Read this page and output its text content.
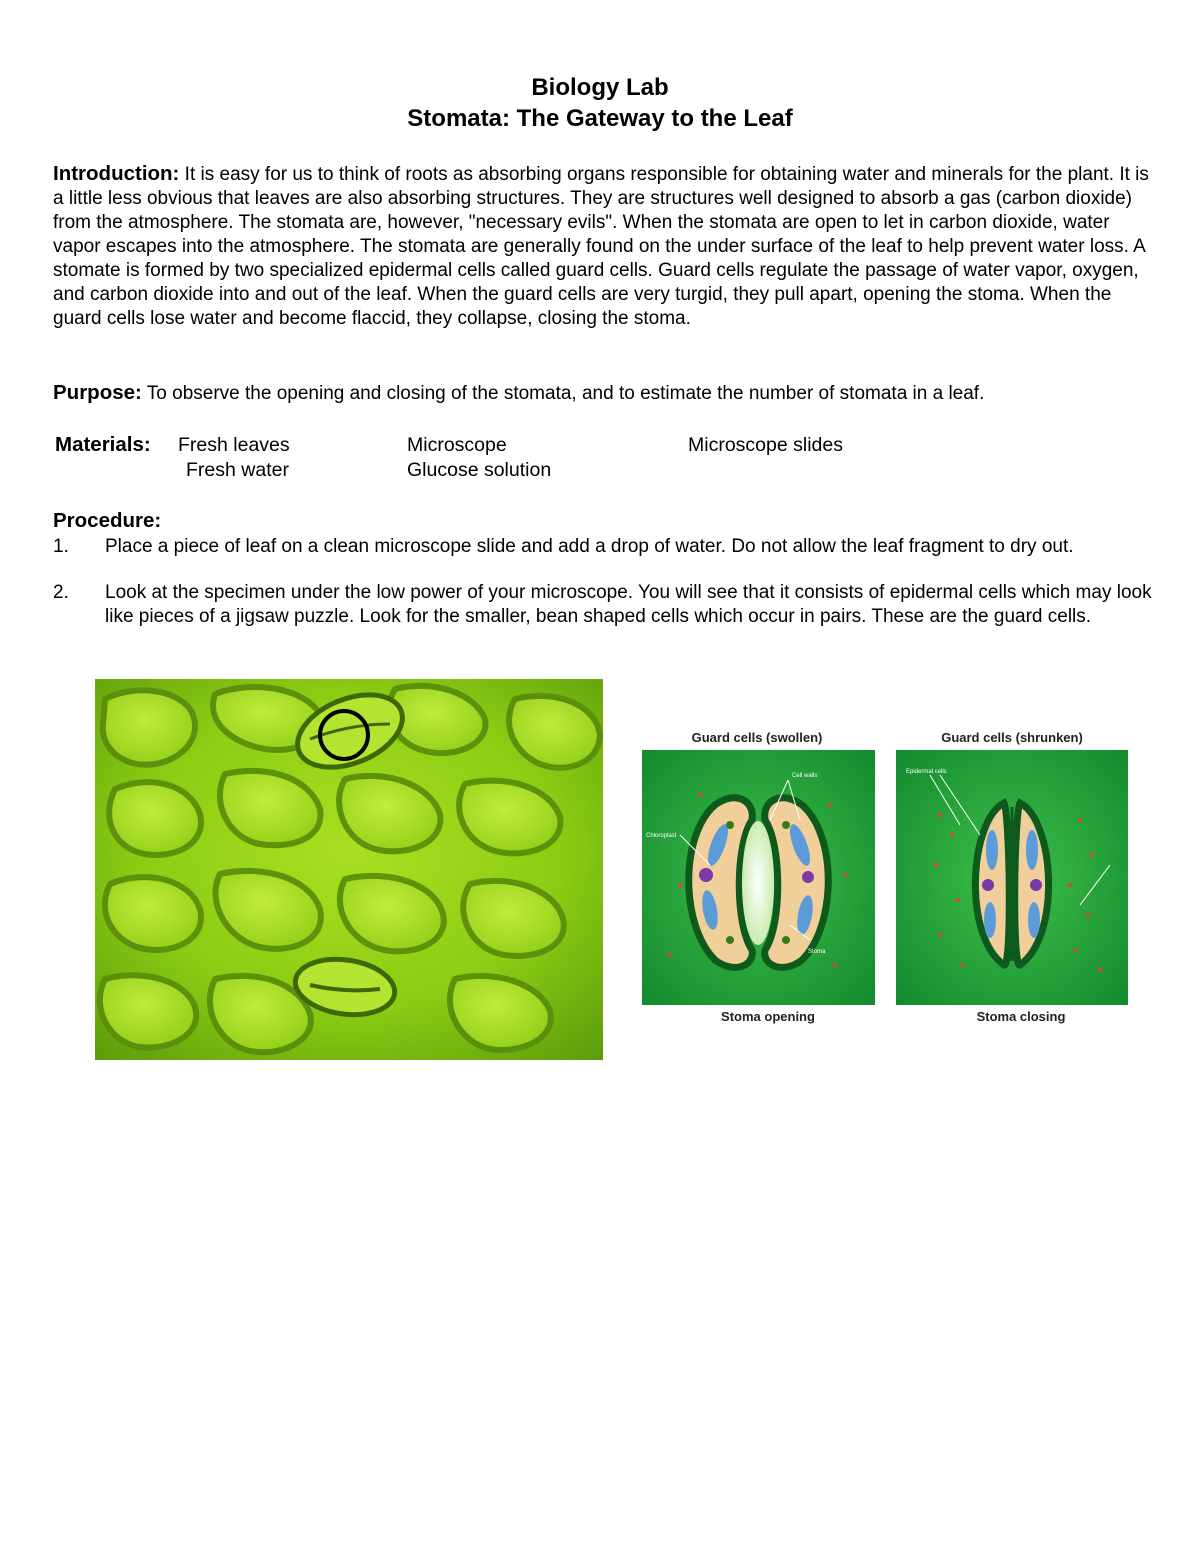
Biology Lab
Stomata: The Gateway to the Leaf
Introduction: It is easy for us to think of roots as absorbing organs responsible for obtaining water and minerals for the plant. It is a little less obvious that leaves are also absorbing structures. They are structures well designed to absorb a gas (carbon dioxide) from the atmosphere. The stomata are, however, "necessary evils". When the stomata are open to let in carbon dioxide, water vapor escapes into the atmosphere. The stomata are generally found on the under surface of the leaf to help prevent water loss. A stomate is formed by two specialized epidermal cells called guard cells. Guard cells regulate the passage of water vapor, oxygen, and carbon dioxide into and out of the leaf. When the guard cells are very turgid, they pull apart, opening the stoma. When the guard cells lose water and become flaccid, they collapse, closing the stoma.
Purpose: To observe the opening and closing of the stomata, and to estimate the number of stomata in a leaf.
Materials: Fresh leaves	Microscope	Microscope slides
Fresh water	Glucose solution
Procedure:
1. Place a piece of leaf on a clean microscope slide and add a drop of water. Do not allow the leaf fragment to dry out.
2. Look at the specimen under the low power of your microscope. You will see that it consists of epidermal cells which may look like pieces of a jigsaw puzzle. Look for the smaller, bean shaped cells which occur in pairs. These are the guard cells.
Guard cells (swollen)	Guard cells (shrunken)
Cell walls
Chloroplast
Stoma
Epidermal cells
Stoma opening	Stoma closing
